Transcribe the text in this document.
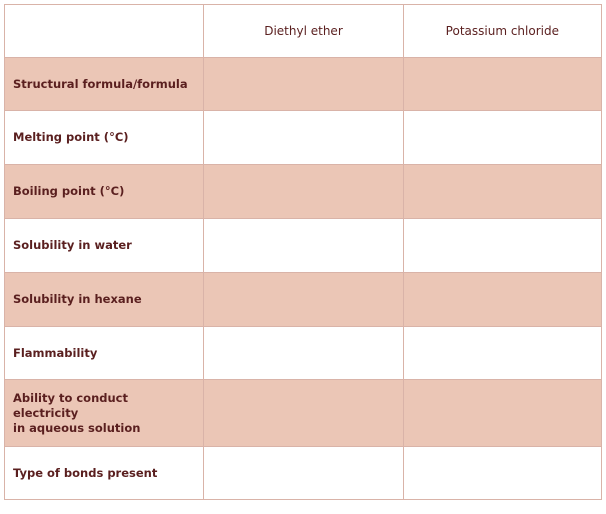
	Diethyl ether	Potassium chloride

Structural formula/formula		

Melting point (°C)		

Boiling point (°C)		

Solubility in water		

Solubility in hexane		

Flammability		

Ability to conduct electricity
in aqueous solution		

Type of bonds present		
